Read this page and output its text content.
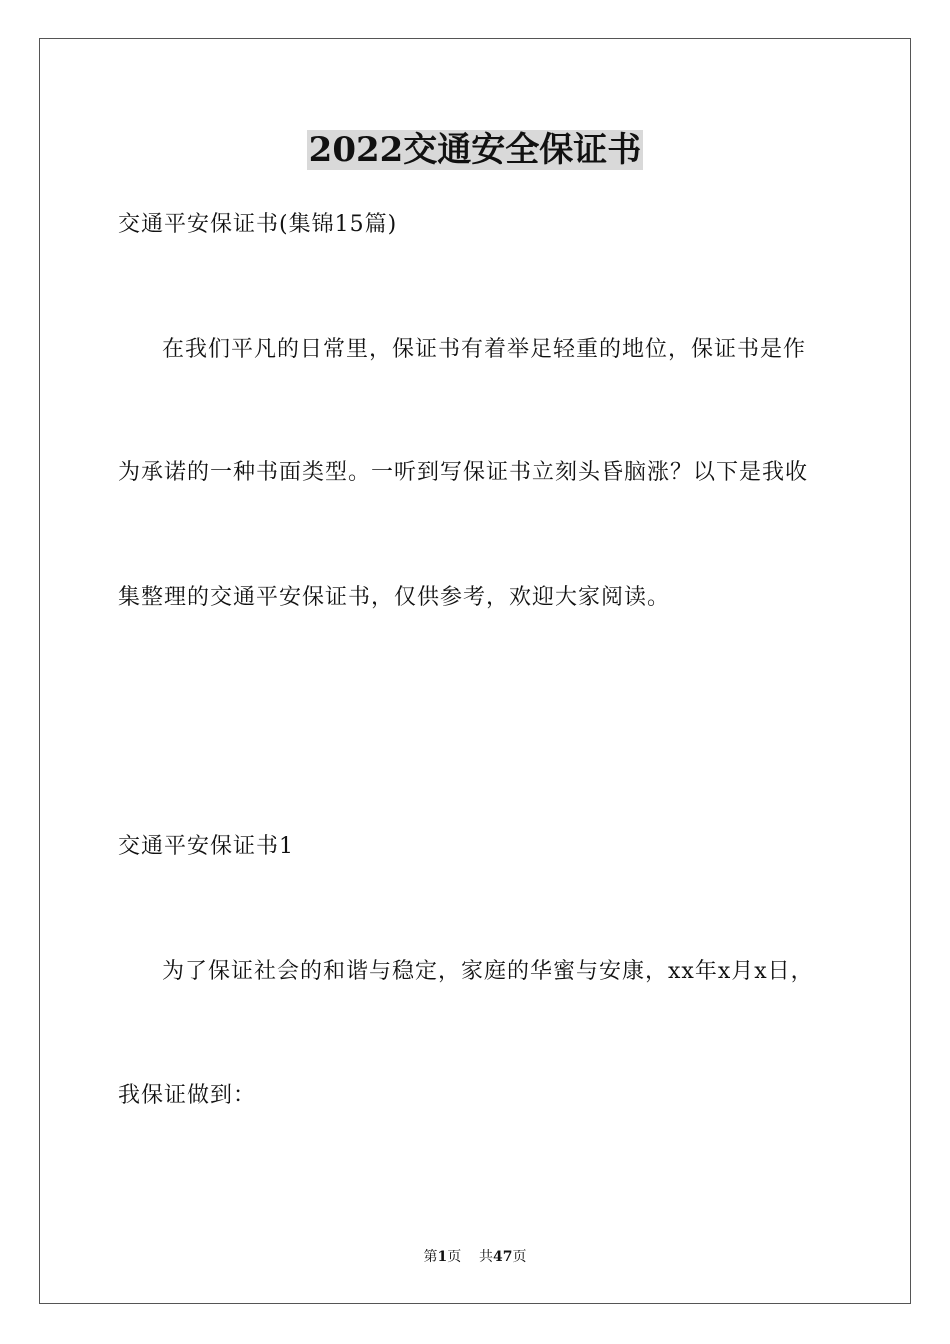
2022交通安全保证书
交通平安保证书(集锦15篇)
在我们平凡的日常里，保证书有着举足轻重的地位，保证书是作
为承诺的一种书面类型。一听到写保证书立刻头昏脑涨？以下是我收
集整理的交通平安保证书，仅供参考，欢迎大家阅读。
交通平安保证书1
为了保证社会的和谐与稳定，家庭的华蜜与安康，xx年x月x日，
我保证做到：
第1页 共47页
